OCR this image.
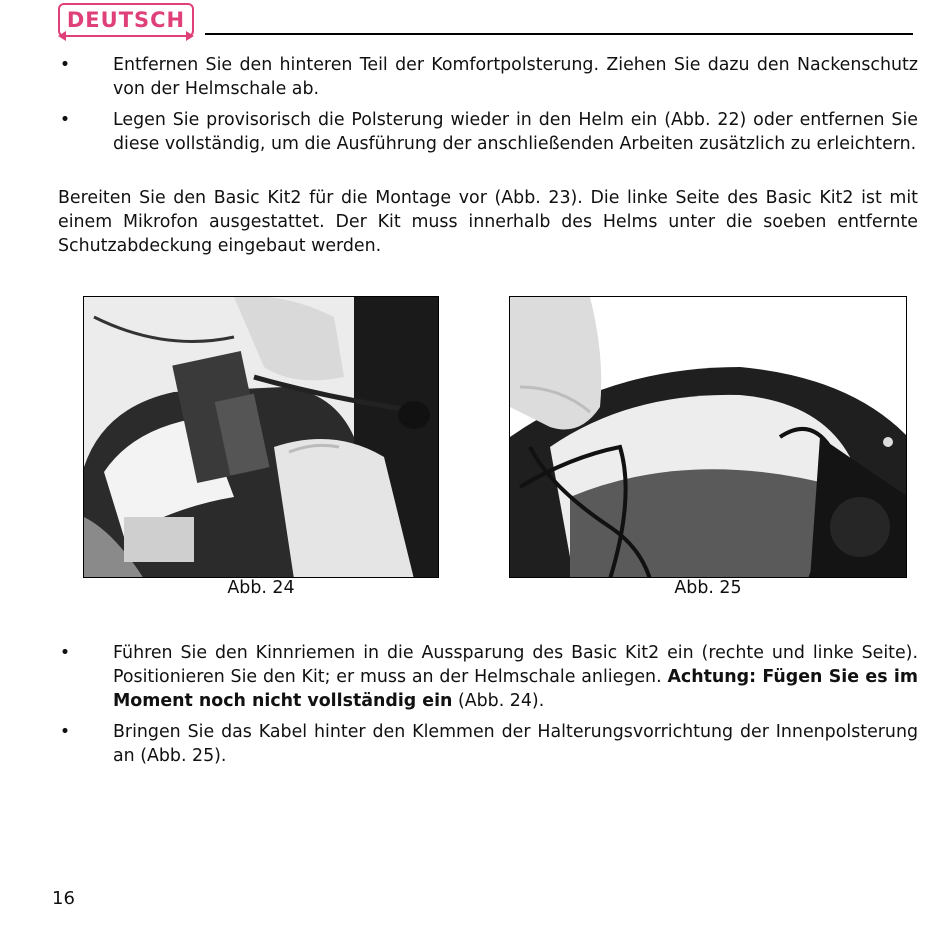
DEUTSCH
• Entfernen Sie den hinteren Teil der Komfortpolsterung. Ziehen Sie dazu den Nackenschutz von der Helmschale ab.
• Legen Sie provisorisch die Polsterung wieder in den Helm ein (Abb. 22) oder entfernen Sie diese vollständig, um die Ausführung der anschließenden Arbeiten zusätzlich zu erleichtern.
Bereiten Sie den Basic Kit2 für die Montage vor (Abb. 23). Die linke Seite des Basic Kit2 ist mit einem Mikrofon ausgestattet. Der Kit muss innerhalb des Helms unter die soeben entfernte Schutzabdeckung eingebaut werden.
Abb. 24	Abb. 25
• Führen Sie den Kinnriemen in die Aussparung des Basic Kit2 ein (rechte und linke Seite). Positionieren Sie den Kit; er muss an der Helmschale anliegen. Achtung: Fügen Sie es im Moment noch nicht vollständig ein (Abb. 24).
• Bringen Sie das Kabel hinter den Klemmen der Halterungsvorrichtung der Innenpolsterung an (Abb. 25).
16
